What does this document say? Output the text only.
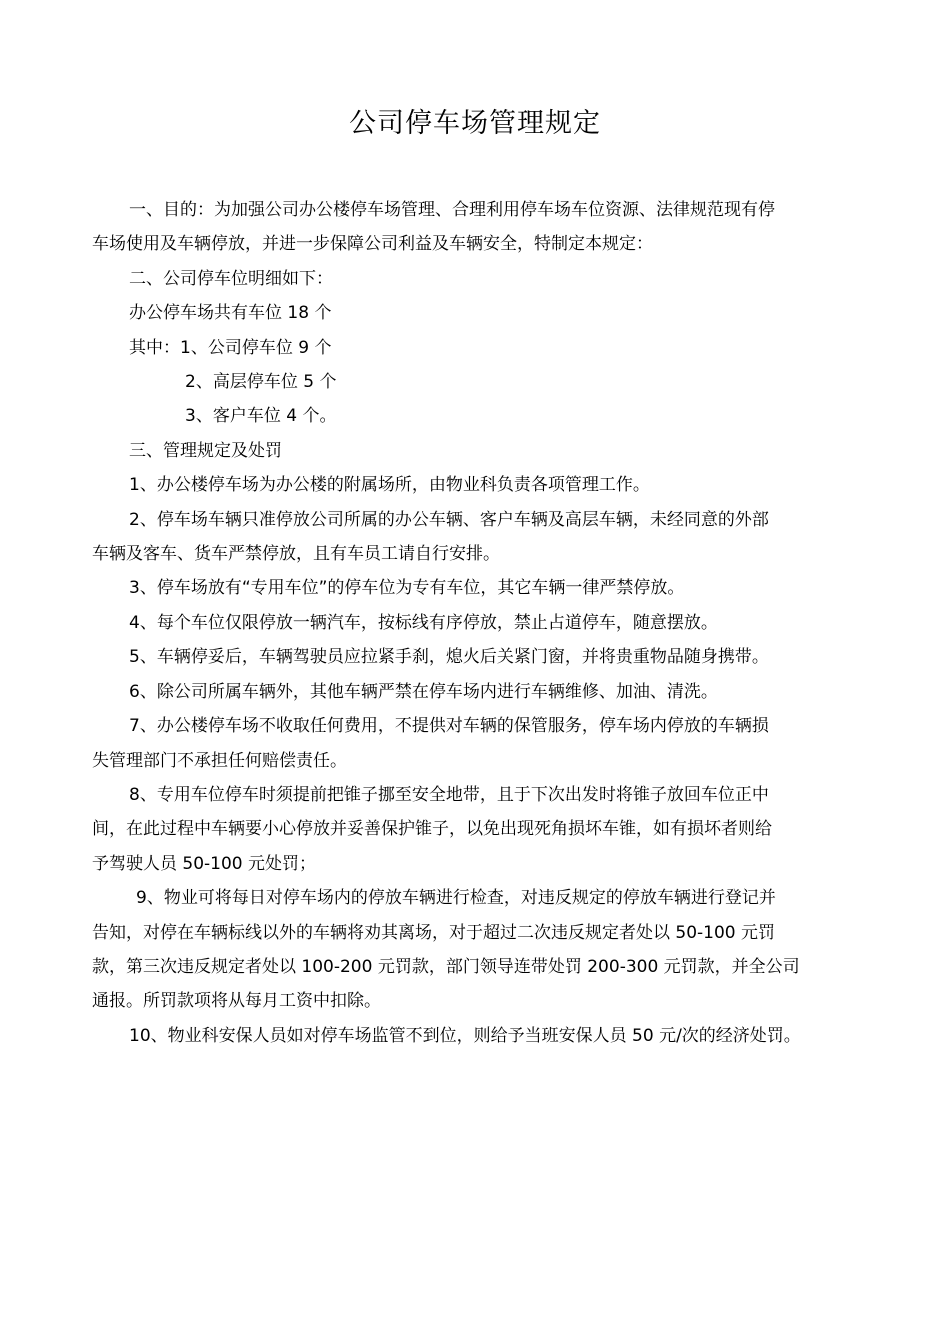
公司停车场管理规定

一、目的：为加强公司办公楼停车场管理、合理利用停车场车位资源、法律规范现有停

车场使用及车辆停放，并进一步保障公司利益及车辆安全，特制定本规定：

二、公司停车位明细如下：

办公停车场共有车位 18 个

其中：1、公司停车位 9 个

2、高层停车位 5 个

3、客户车位 4 个。

三、管理规定及处罚

1、办公楼停车场为办公楼的附属场所，由物业科负责各项管理工作。

2、停车场车辆只准停放公司所属的办公车辆、客户车辆及高层车辆，未经同意的外部

车辆及客车、货车严禁停放，且有车员工请自行安排。

3、停车场放有“专用车位”的停车位为专有车位，其它车辆一律严禁停放。

4、每个车位仅限停放一辆汽车，按标线有序停放，禁止占道停车，随意摆放。

5、车辆停妥后，车辆驾驶员应拉紧手刹，熄火后关紧门窗，并将贵重物品随身携带。

6、除公司所属车辆外，其他车辆严禁在停车场内进行车辆维修、加油、清洗。

7、办公楼停车场不收取任何费用，不提供对车辆的保管服务，停车场内停放的车辆损

失管理部门不承担任何赔偿责任。

8、专用车位停车时须提前把锥子挪至安全地带，且于下次出发时将锥子放回车位正中

间，在此过程中车辆要小心停放并妥善保护锥子，以免出现死角损坏车锥，如有损坏者则给

予驾驶人员 50-100 元处罚；

9、物业可将每日对停车场内的停放车辆进行检查，对违反规定的停放车辆进行登记并

告知，对停在车辆标线以外的车辆将劝其离场，对于超过二次违反规定者处以 50-100 元罚

款，第三次违反规定者处以 100-200 元罚款，部门领导连带处罚 200-300 元罚款，并全公司

通报。所罚款项将从每月工资中扣除。

10、物业科安保人员如对停车场监管不到位，则给予当班安保人员 50 元/次的经济处罚。
